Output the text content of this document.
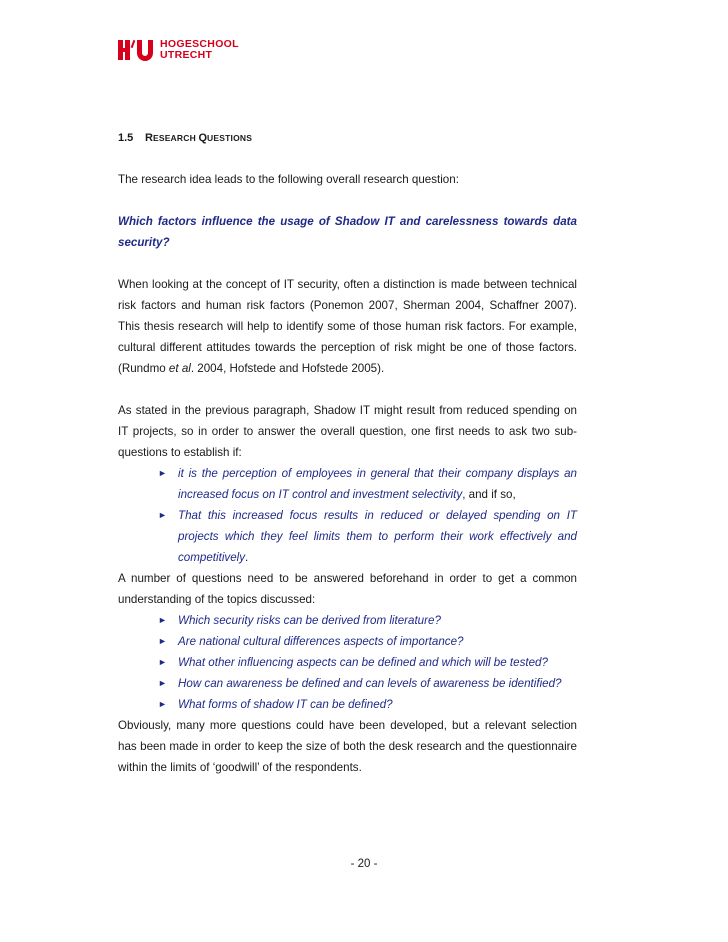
HOGESCHOOL
UTRECHT
1.5 RESEARCH QUESTIONS

The research idea leads to the following overall research question:

Which factors influence the usage of Shadow IT and carelessness towards data security?

When looking at the concept of IT security, often a distinction is made between technical risk factors and human risk factors (Ponemon 2007, Sherman 2004, Schaffner 2007). This thesis research will help to identify some of those human risk factors. For example, cultural different attitudes towards the perception of risk might be one of those factors. (Rundmo et al. 2004, Hofstede and Hofstede 2005).

As stated in the previous paragraph, Shadow IT might result from reduced spending on IT projects, so in order to answer the overall question, one first needs to ask two sub-questions to establish if:

► it is the perception of employees in general that their company displays an increased focus on IT control and investment selectivity, and if so,
► That this increased focus results in reduced or delayed spending on IT projects which they feel limits them to perform their work effectively and competitively.

A number of questions need to be answered beforehand in order to get a common understanding of the topics discussed:

► Which security risks can be derived from literature?
► Are national cultural differences aspects of importance?
► What other influencing aspects can be defined and which will be tested?
► How can awareness be defined and can levels of awareness be identified?
► What forms of shadow IT can be defined?

Obviously, many more questions could have been developed, but a relevant selection has been made in order to keep the size of both the desk research and the questionnaire within the limits of ‘goodwill’ of the respondents.

- 20 -
